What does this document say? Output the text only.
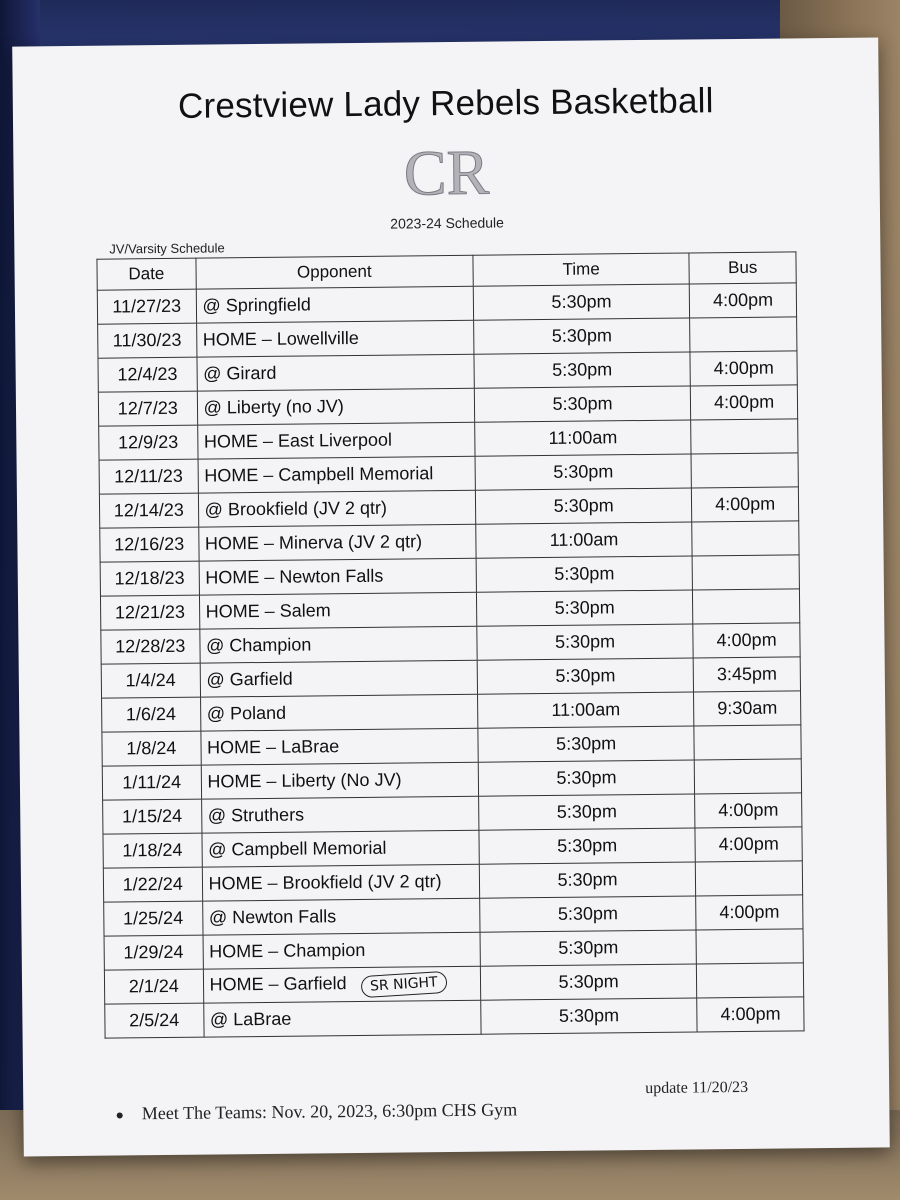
Crestview Lady Rebels Basketball
CR
2023-24 Schedule
JV/Varsity Schedule
Date	Opponent	Time	Bus
11/27/23	@ Springfield	5:30pm	4:00pm
11/30/23	HOME – Lowellville	5:30pm	
12/4/23	@ Girard	5:30pm	4:00pm
12/7/23	@ Liberty (no JV)	5:30pm	4:00pm
12/9/23	HOME – East Liverpool	11:00am	
12/11/23	HOME – Campbell Memorial	5:30pm	
12/14/23	@ Brookfield (JV 2 qtr)	5:30pm	4:00pm
12/16/23	HOME – Minerva (JV 2 qtr)	11:00am	
12/18/23	HOME – Newton Falls	5:30pm	
12/21/23	HOME – Salem	5:30pm	
12/28/23	@ Champion	5:30pm	4:00pm
1/4/24	@ Garfield	5:30pm	3:45pm
1/6/24	@ Poland	11:00am	9:30am
1/8/24	HOME – LaBrae	5:30pm	
1/11/24	HOME – Liberty (No JV)	5:30pm	
1/15/24	@ Struthers	5:30pm	4:00pm
1/18/24	@ Campbell Memorial	5:30pm	4:00pm
1/22/24	HOME – Brookfield (JV 2 qtr)	5:30pm	
1/25/24	@ Newton Falls	5:30pm	4:00pm
1/29/24	HOME – Champion	5:30pm	
2/1/24	HOME – Garfield SR NIGHT	5:30pm	
2/5/24	@ LaBrae	5:30pm	4:00pm
update 11/20/23
● Meet The Teams: Nov. 20, 2023, 6:30pm CHS Gym
